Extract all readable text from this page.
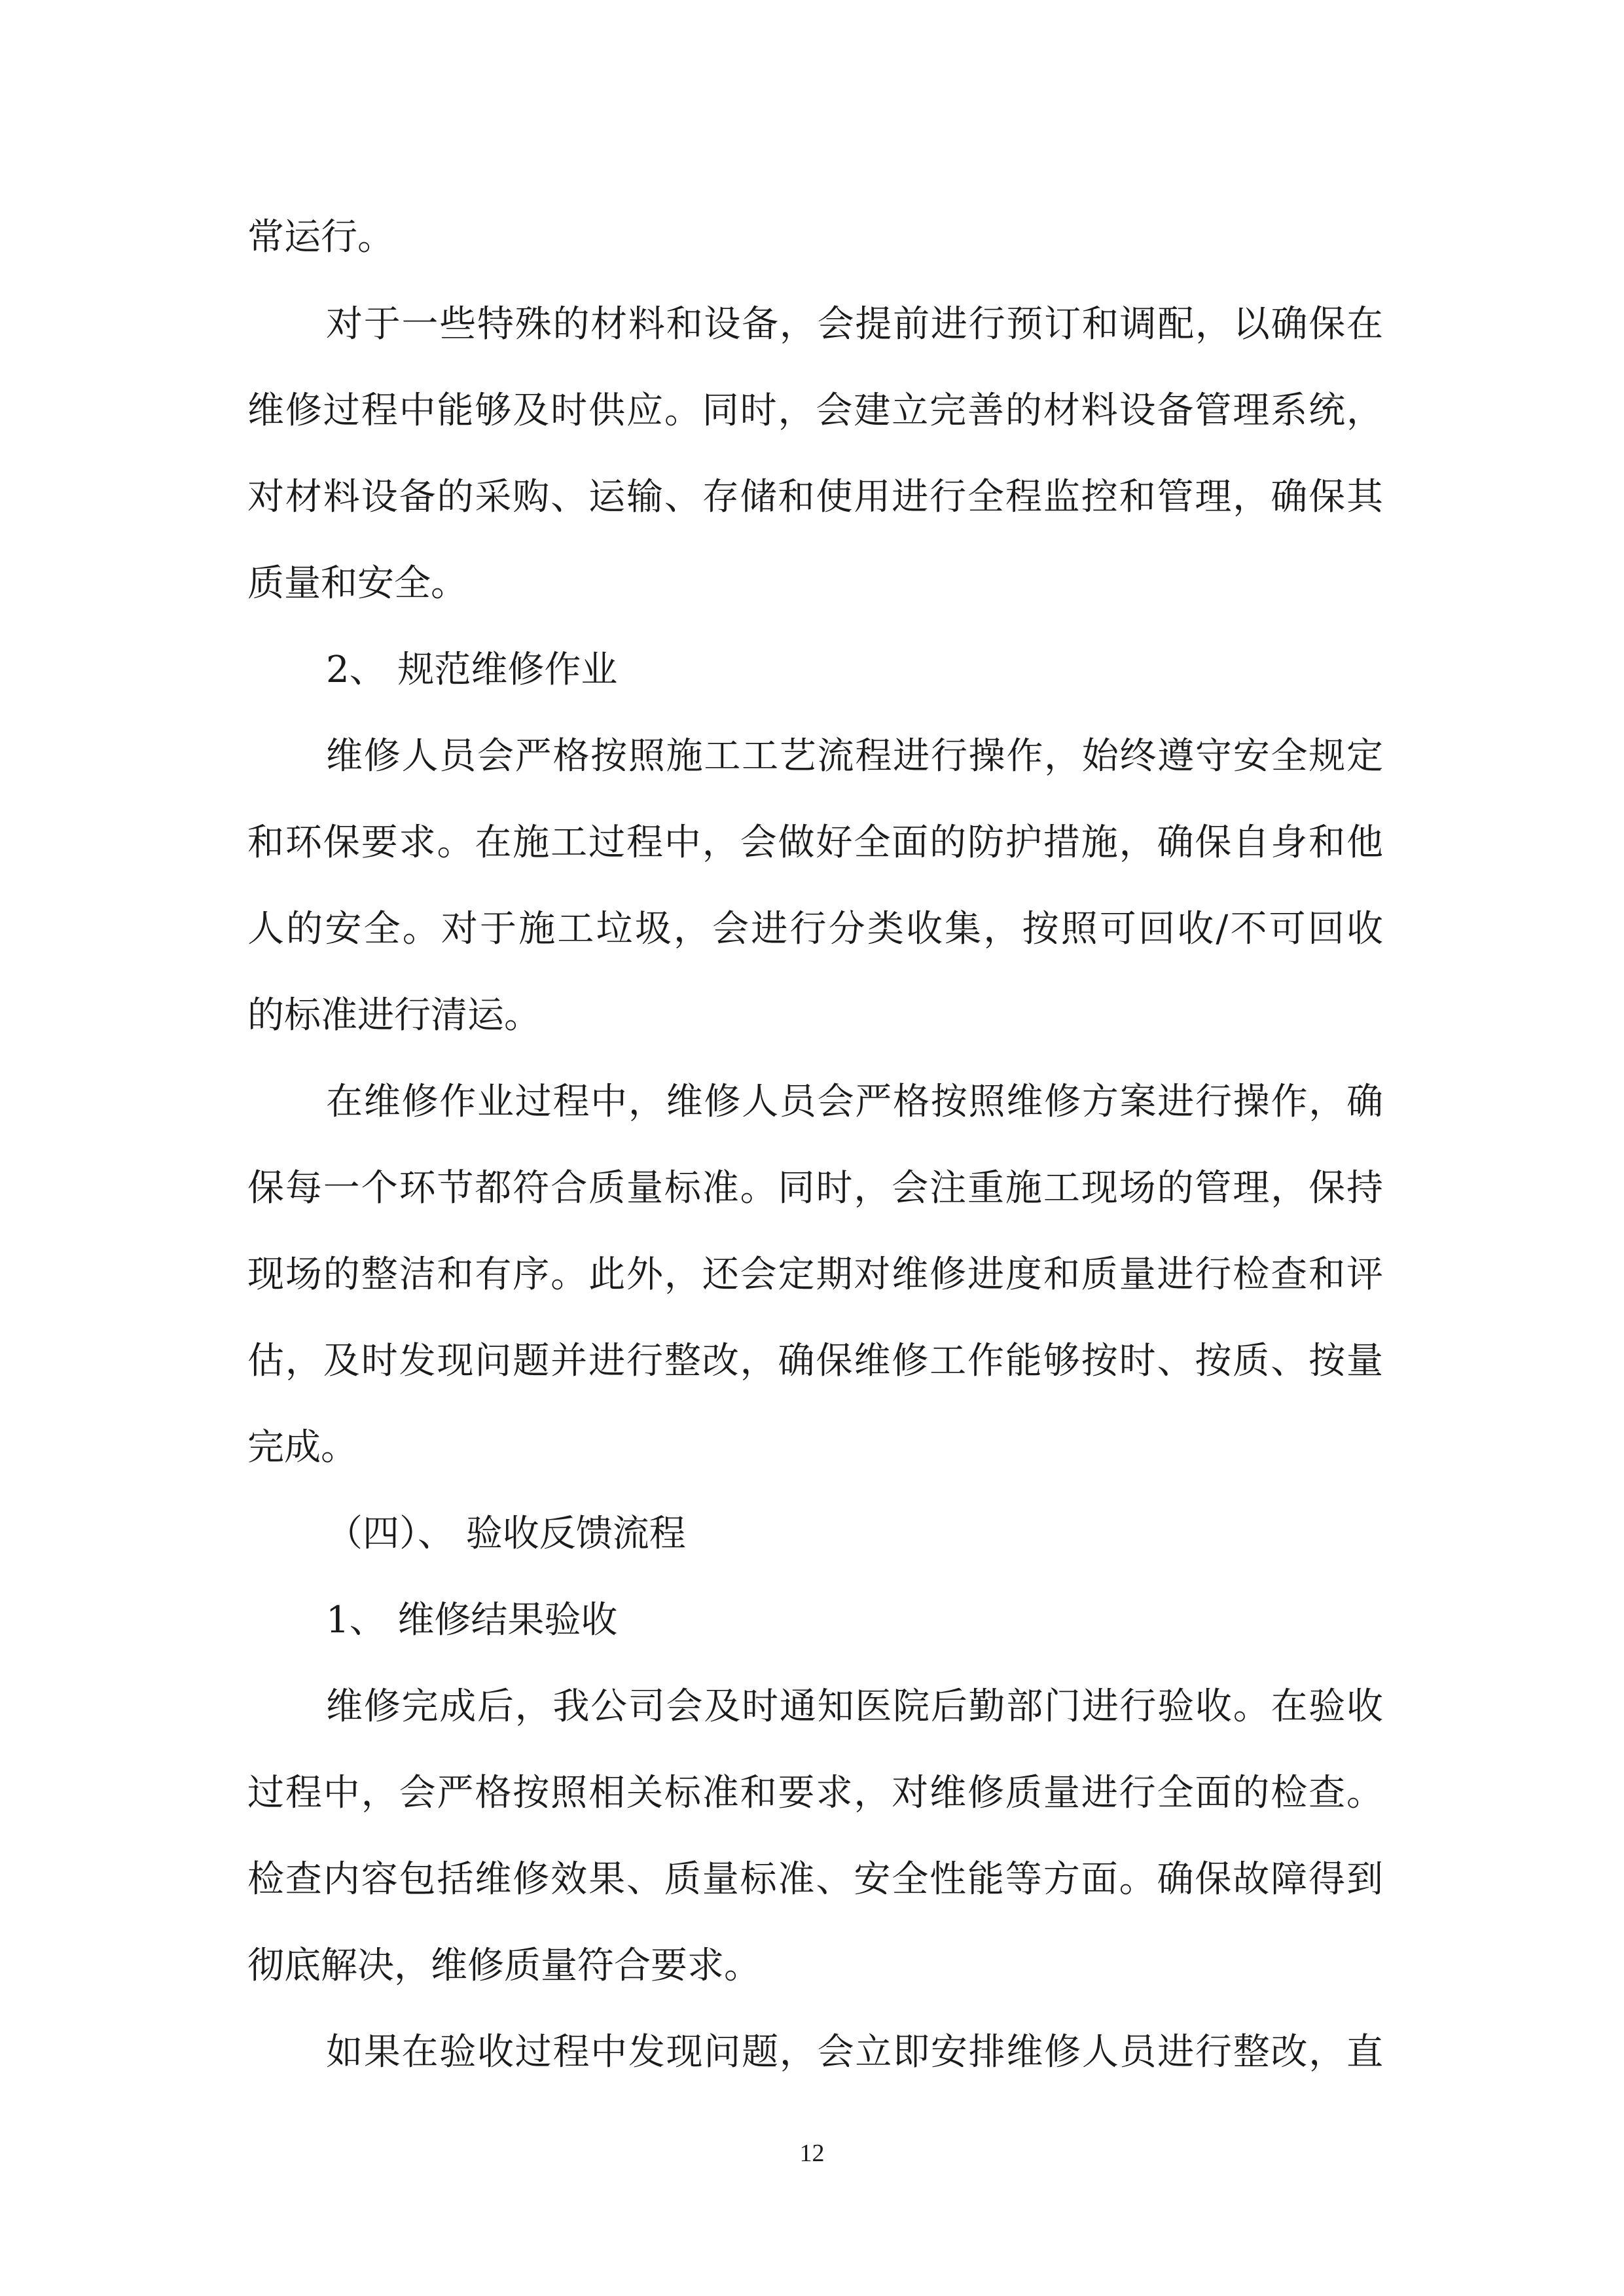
常运行。
对于一些特殊的材料和设备，会提前进行预订和调配，以确保在
维修过程中能够及时供应。同时，会建立完善的材料设备管理系统，
对材料设备的采购、运输、存储和使用进行全程监控和管理，确保其
质量和安全。
2、 规范维修作业
维修人员会严格按照施工工艺流程进行操作，始终遵守安全规定
和环保要求。在施工过程中，会做好全面的防护措施，确保自身和他
人的安全。对于施工垃圾，会进行分类收集，按照可回收/不可回收
的标准进行清运。
在维修作业过程中，维修人员会严格按照维修方案进行操作，确
保每一个环节都符合质量标准。同时，会注重施工现场的管理，保持
现场的整洁和有序。此外，还会定期对维修进度和质量进行检查和评
估，及时发现问题并进行整改，确保维修工作能够按时、按质、按量
完成。
（四）、 验收反馈流程
1、 维修结果验收
维修完成后，我公司会及时通知医院后勤部门进行验收。在验收
过程中，会严格按照相关标准和要求，对维修质量进行全面的检查。
检查内容包括维修效果、质量标准、安全性能等方面。确保故障得到
彻底解决，维修质量符合要求。
如果在验收过程中发现问题，会立即安排维修人员进行整改，直
12
